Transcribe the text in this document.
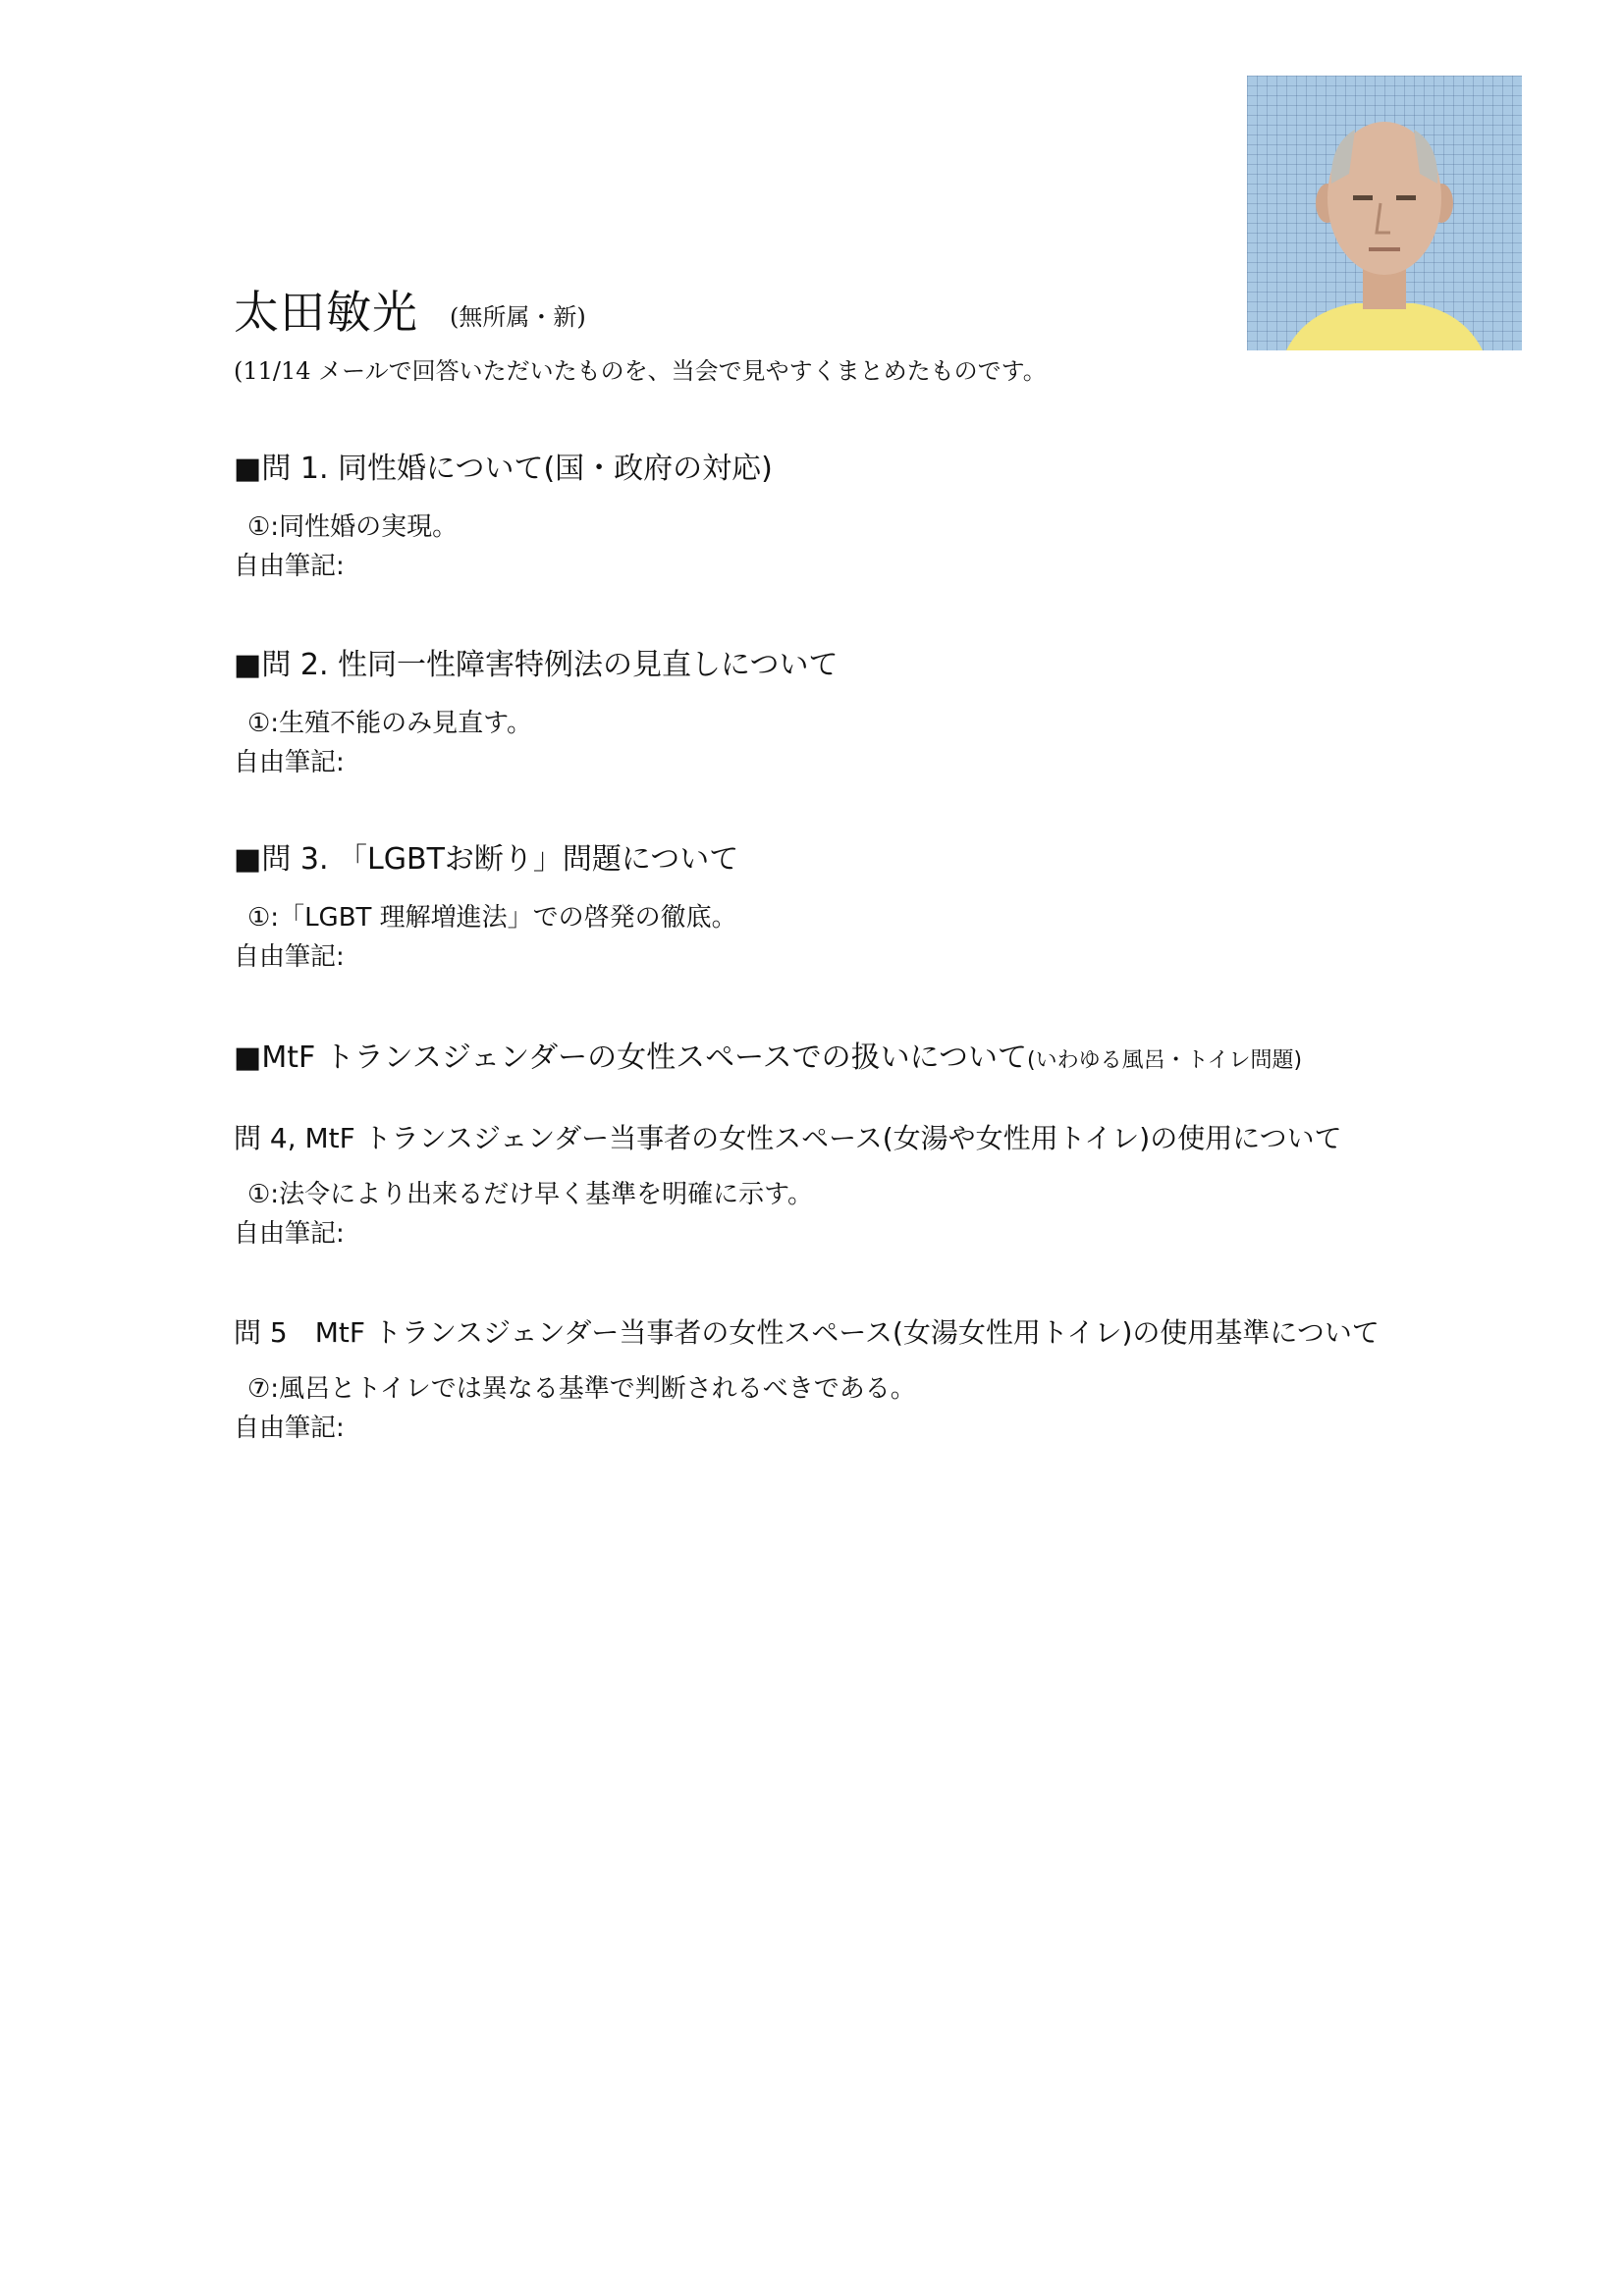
太田敏光 (無所属・新)
(11/14 メールで回答いただいたものを、当会で見やすくまとめたものです。
■問 1. 同性婚について(国・政府の対応)
①:同性婚の実現。
自由筆記:
■問 2. 性同一性障害特例法の見直しについて
①:生殖不能のみ見直す。
自由筆記:
■問 3. 「LGBTお断り」問題について
①:「LGBT 理解増進法」での啓発の徹底。
自由筆記:
■MtF トランスジェンダーの女性スペースでの扱いについて(いわゆる風呂・トイレ問題)
問 4, MtF トランスジェンダー当事者の女性スペース(女湯や女性用トイレ)の使用について
①:法令により出来るだけ早く基準を明確に示す。
自由筆記:
問 5　MtF トランスジェンダー当事者の女性スペース(女湯女性用トイレ)の使用基準について
⑦:風呂とトイレでは異なる基準で判断されるべきである。
自由筆記:
